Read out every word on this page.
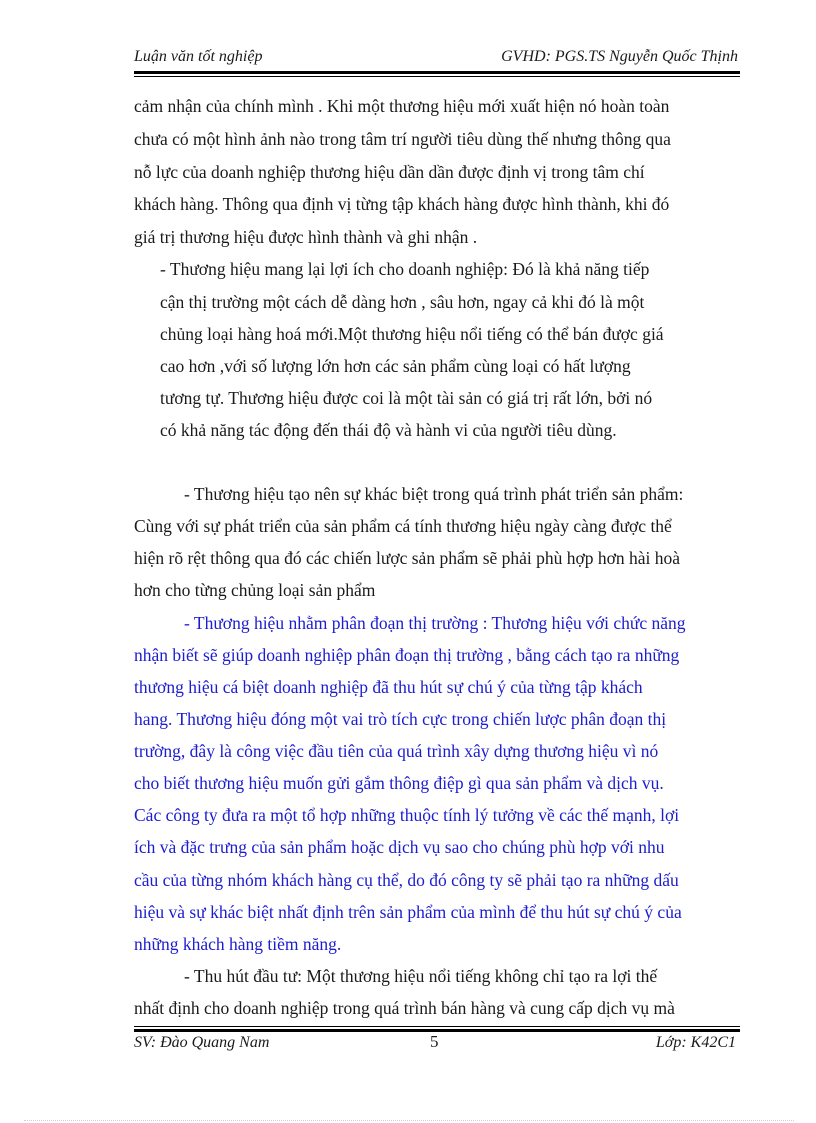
Luận văn tốt nghiệp	GVHD: PGS.TS Nguyễn Quốc Thịnh
cảm nhận của chính mình . Khi một thương hiệu mới xuất hiện nó hoàn toàn
chưa có một hình ảnh nào trong tâm trí người tiêu dùng thế nhưng thông qua
nỗ lực của doanh nghiệp thương hiệu dần dần được định vị trong tâm chí
khách hàng. Thông qua định vị từng tập khách hàng được hình thành, khi đó
giá trị thương hiệu được hình thành và ghi nhận .
- Thương hiệu mang lại lợi ích cho doanh nghiệp: Đó là khả năng tiếp
cận thị trường một cách dễ dàng hơn , sâu hơn, ngay cả khi đó là một
chủng loại hàng hoá mới.Một thương hiệu nổi tiếng có thể bán được giá
cao hơn ,với số lượng lớn hơn các sản phẩm cùng loại có hất lượng
tương tự. Thương hiệu được coi là một tài sản có giá trị rất lớn, bởi nó
có khả năng tác động đến thái độ và hành vi của người tiêu dùng.
- Thương hiệu tạo nên sự khác biệt trong quá trình phát triển sản phẩm:
Cùng với sự phát triển của sản phẩm cá tính thương hiệu ngày càng được thể
hiện rõ rệt thông qua đó các chiến lược sản phẩm sẽ phải phù hợp hơn hài hoà
hơn cho từng chủng loại sản phẩm
- Thương hiệu nhằm phân đoạn thị trường : Thương hiệu với chức năng
nhận biết sẽ giúp doanh nghiệp phân đoạn thị trường , bằng cách tạo ra những
thương hiệu cá biệt doanh nghiệp đã thu hút sự chú ý của từng tập khách
hang. Thương hiệu đóng một vai trò tích cực trong chiến lược phân đoạn thị
trường, đây là công việc đầu tiên của quá trình xây dựng thương hiệu vì nó
cho biết thương hiệu muốn gửi gắm thông điệp gì qua sản phẩm và dịch vụ.
Các công ty đưa ra một tổ hợp những thuộc tính lý tưởng về các thế mạnh, lợi
ích và đặc trưng của sản phẩm hoặc dịch vụ sao cho chúng phù hợp với nhu
cầu của từng nhóm khách hàng cụ thể, do đó công ty sẽ phải tạo ra những dấu
hiệu và sự khác biệt nhất định trên sản phẩm của mình để thu hút sự chú ý của
những khách hàng tiềm năng.
- Thu hút đầu tư: Một thương hiệu nổi tiếng không chỉ tạo ra lợi thế
nhất định cho doanh nghiệp trong quá trình bán hàng và cung cấp dịch vụ mà
SV: Đào Quang Nam	5	Lớp: K42C1
